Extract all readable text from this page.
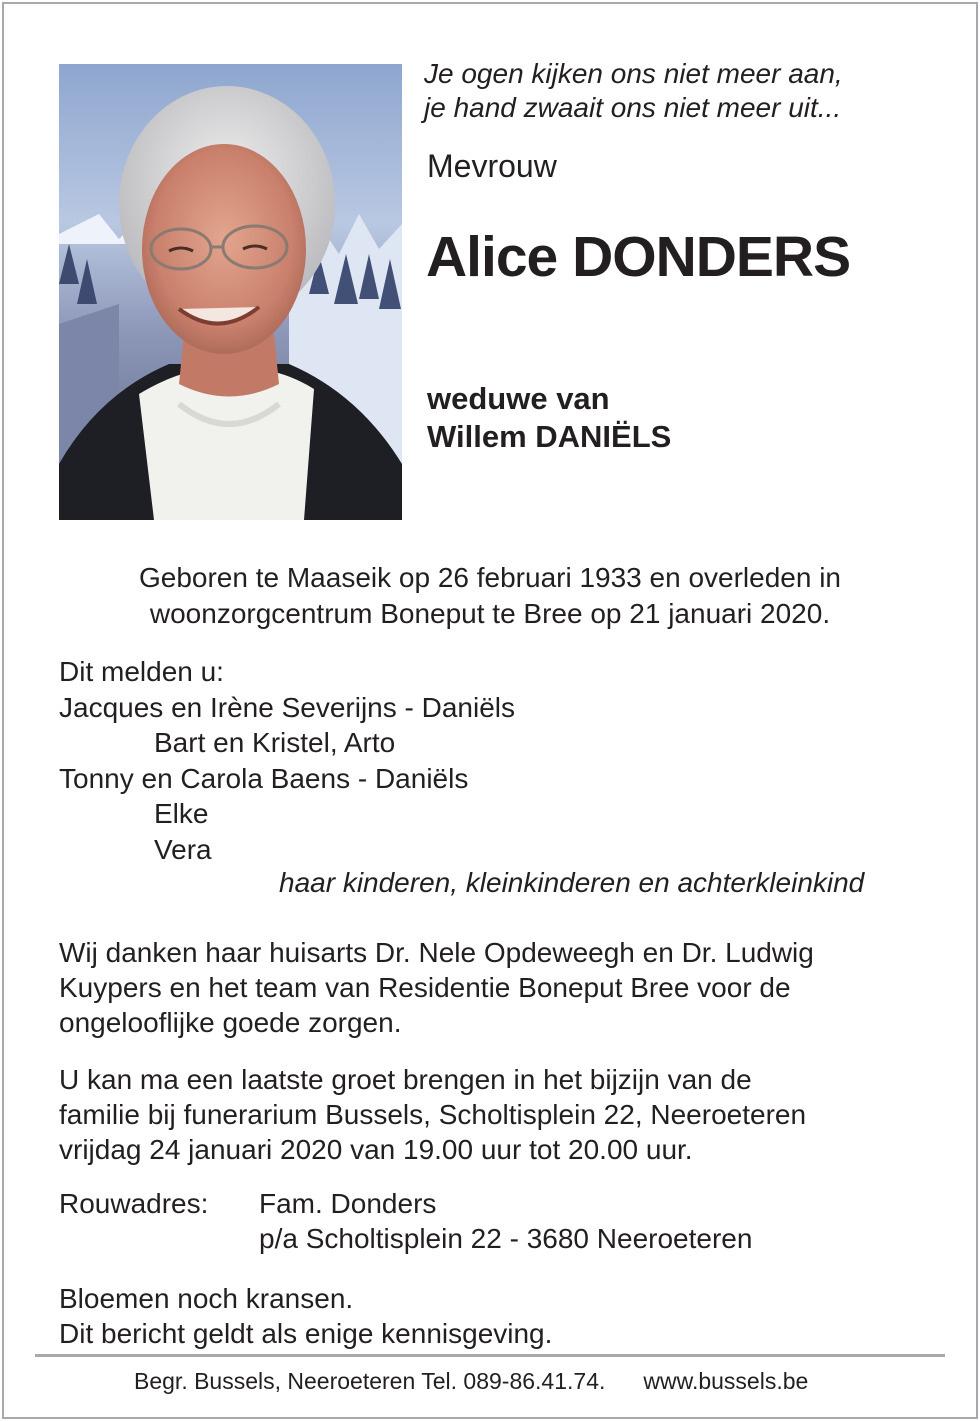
Je ogen kijken ons niet meer aan,
je hand zwaait ons niet meer uit...
Mevrouw
Alice DONDERS
weduwe van
Willem DANIËLS
Geboren te Maaseik op 26 februari 1933 en overleden in
woonzorgcentrum Boneput te Bree op 21 januari 2020.
Dit melden u:
Jacques en Irène Severijns - Daniëls
Bart en Kristel, Arto
Tonny en Carola Baens - Daniëls
Elke
Vera
haar kinderen, kleinkinderen en achterkleinkind
Wij danken haar huisarts Dr. Nele Opdeweegh en Dr. Ludwig
Kuypers en het team van Residentie Boneput Bree voor de
ongelooflijke goede zorgen.
U kan ma een laatste groet brengen in het bijzijn van de
familie bij funerarium Bussels, Scholtisplein 22, Neeroeteren
vrijdag 24 januari 2020 van 19.00 uur tot 20.00 uur.
Rouwadres: Fam. Donders
p/a Scholtisplein 22 - 3680 Neeroeteren
Bloemen noch kransen.
Dit bericht geldt als enige kennisgeving.
Begr. Bussels, Neeroeteren Tel. 089-86.41.74. www.bussels.be
